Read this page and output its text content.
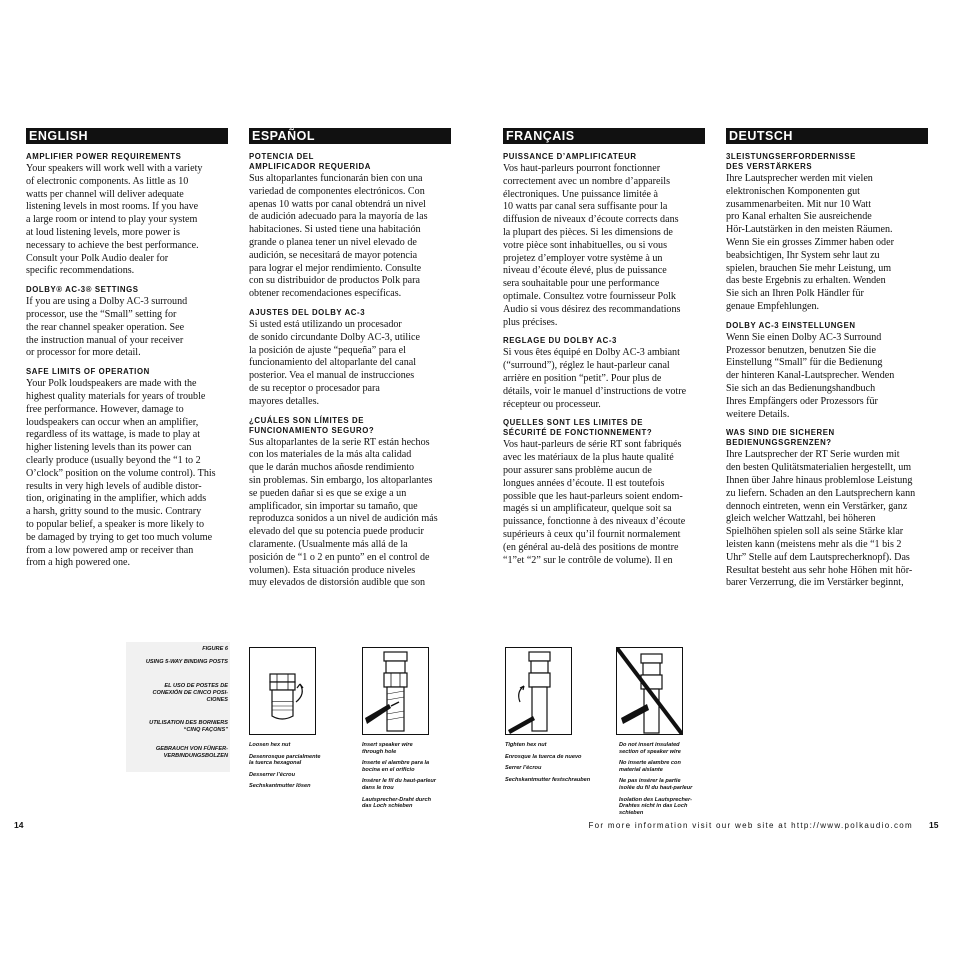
ENGLISH
AMPLIFIER POWER REQUIREMENTS
Your speakers will work well with a variety
of electronic components. As little as 10
watts per channel will deliver adequate
listening levels in most rooms. If you have
a large room or intend to play your system
at loud listening levels, more power is
necessary to achieve the best performance.
Consult your Polk Audio dealer for
specific recommendations.
DOLBY® AC-3® SETTINGS
If you are using a Dolby AC-3 surround
processor, use the “Small” setting for
the rear channel speaker operation. See
the instruction manual of your receiver
or processor for more detail.
SAFE LIMITS OF OPERATION
Your Polk loudspeakers are made with the
highest quality materials for years of trouble
free performance. However, damage to
loudspeakers can occur when an amplifier,
regardless of its wattage, is made to play at
higher listening levels than its power can
clearly produce (usually beyond the “1 to 2
O’clock” position on the volume control). This
results in very high levels of audible distor-
tion, originating in the amplifier, which adds
a harsh, gritty sound to the music. Contrary
to popular belief, a speaker is more likely to
be damaged by trying to get too much volume
from a low powered amp or receiver than
from a high powered one.
ESPAÑOL
POTENCIA DEL
AMPLIFICADOR REQUERIDA
Sus altoparlantes funcionarán bien con una
variedad de componentes electrónicos. Con
apenas 10 watts por canal obtendrá un nivel
de audición adecuado para la mayoría de las
habitaciones. Si usted tiene una habitación
grande o planea tener un nivel elevado de
audición, se necesitará de mayor potencia
para lograr el mejor rendimiento. Consulte
con su distribuidor de productos Polk para
obtener recomendaciones específicas.
AJUSTES DEL DOLBY AC-3
Si usted está utilizando un procesador
de sonido circundante Dolby AC-3, utilice
la posición de ajuste “pequeña” para el
funcionamiento del altoparlante del canal
posterior. Vea el manual de instrucciones
de su receptor o procesador para
mayores detalles.
¿CUÁLES SON LÍMITES DE
FUNCIONAMIENTO SEGURO?
Sus altoparlantes de la serie RT están hechos
con los materiales de la más alta calidad
que le darán muchos añosde rendimiento
sin problemas. Sin embargo, los altoparlantes
se pueden dañar si es que se exige a un
amplificador, sin importar su tamaño, que
reproduzca sonidos a un nivel de audición más
elevado del que su potencia puede producir
claramente. (Usualmente más allá de la
posición de “1 o 2 en punto” en el control de
volumen). Esta situación produce niveles
muy elevados de distorsión audible que son
FRANÇAIS
PUISSANCE D’AMPLIFICATEUR
Vos haut-parleurs pourront fonctionner
correctement avec un nombre d’appareils
électroniques. Une puissance limitée à
10 watts par canal sera suffisante pour la
diffusion de niveaux d’écoute corrects dans
la plupart des pièces. Si les dimensions de
votre pièce sont inhabituelles, ou si vous
projetez d’employer votre système à un
niveau d’écoute élevé, plus de puissance
sera souhaitable pour une performance
optimale. Consultez votre fournisseur Polk
Audio si vous désirez des recommandations
plus précises.
REGLAGE DU DOLBY AC-3
Si vous êtes équipé en Dolby AC-3 ambiant
(“surround”), réglez le haut-parleur canal
arrière en position “petit”. Pour plus de
détails, voir le manuel d’instructions de votre
récepteur ou processeur.
QUELLES SONT LES LIMITES DE
SÉCURITÉ DE FONCTIONNEMENT?
Vos haut-parleurs de série RT sont fabriqués
avec les matériaux de la plus haute qualité
pour assurer sans problème aucun de
longues années d’écoute. Il est toutefois
possible que les haut-parleurs soient endom-
magés si un amplificateur, quelque soit sa
puissance, fonctionne à des niveaux d’écoute
supérieurs à ceux qu’il fournit normalement
(en général au-delà des positions de montre
“1”et “2” sur le contrôle de volume). Il en
DEUTSCH
3LEISTUNGSERFORDERNISSE
DES VERSTÄRKERS
Ihre Lautsprecher werden mit vielen
elektronischen Komponenten gut
zusammenarbeiten. Mit nur 10 Watt
pro Kanal erhalten Sie ausreichende
Hör-Lautstärken in den meisten Räumen.
Wenn Sie ein grosses Zimmer haben oder
beabsichtigen, Ihr System sehr laut zu
spielen, brauchen Sie mehr Leistung, um
das beste Ergebnis zu erhalten. Wenden
Sie sich an Ihren Polk Händler für
genaue Empfehlungen.
DOLBY AC-3 EINSTELLUNGEN
Wenn Sie einen Dolby AC-3 Surround
Prozessor benutzen, benutzen Sie die
Einstellung “Small” für die Bedienung
der hinteren Kanal-Lautsprecher. Wenden
Sie sich an das Bedienungshandbuch
Ihres Empfängers oder Prozessors für
weitere Details.
WAS SIND DIE SICHEREN
BEDIENUNGSGRENZEN?
Ihre Lautsprecher der RT Serie wurden mit
den besten Qulitätsmaterialien hergestellt, um
Ihnen über Jahre hinaus problemlose Leistung
zu liefern. Schaden an den Lautsprechern kann
dennoch eintreten, wenn ein Verstärker, ganz
gleich welcher Wattzahl, bei höheren
Spielhöhen spielen soll als seine Stärke klar
leisten kann (meistens mehr als die “1 bis 2
Uhr” Stelle auf dem Lautsprecherknopf). Das
Resultat besteht aus sehr hohe Höhen mit hör-
barer Verzerrung, die im Verstärker beginnt,
FIGURE 6
USING 5-WAY BINDING POSTS
EL USO DE POSTES DE
CONEXIÓN DE CINCO POSI-
CIONES
UTILISATION DES BORNIERS
“CINQ FAÇONS”
GEBRAUCH VON FÜNFER-
VERBINDUNGSBOLZEN

Loosen hex nut

Desenrosque parcialmente
la tuerca hexagonal

Desserrer l’écrou

Sechskantmutter lösen

Insert speaker wire
through hole

Inserte el alambre para la
bocina en el orificio

Insérer le fil du haut-parleur
dans le trou

Lautsprecher-Draht durch
das Loch schieben

Tighten hex nut

Enrosque la tuerca de nuevo

Serrer l’écrou

Sechskantmutter festschrauben

Do not insert insulated
section of speaker wire

No inserte alambre con
material aislante

Ne pas insérer la partie
isolée du fil du haut-parleur

Isolation des Lautsprecher-
Drahtes nicht in das Loch
schieben

14	For more information visit our web site at http://www.polkaudio.com 15
